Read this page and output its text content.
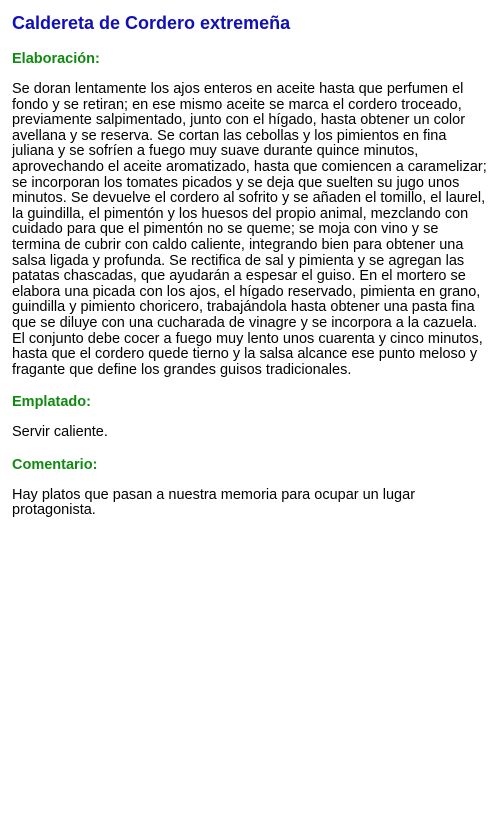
Caldereta de Cordero extremeña
Elaboración:

Se doran lentamente los ajos enteros en aceite hasta que perfumen el fondo y se retiran; en ese mismo aceite se marca el cordero troceado, previamente salpimentado, junto con el hígado, hasta obtener un color avellana y se reserva. Se cortan las cebollas y los pimientos en fina juliana y se sofríen a fuego muy suave durante quince minutos, aprovechando el aceite aromatizado, hasta que comiencen a caramelizar; se incorporan los tomates picados y se deja que suelten su jugo unos minutos. Se devuelve el cordero al sofrito y se añaden el tomillo, el laurel, la guindilla, el pimentón y los huesos del propio animal, mezclando con cuidado para que el pimentón no se queme; se moja con vino y se termina de cubrir con caldo caliente, integrando bien para obtener una salsa ligada y profunda. Se rectifica de sal y pimienta y se agregan las patatas chascadas, que ayudarán a espesar el guiso. En el mortero se elabora una picada con los ajos, el hígado reservado, pimienta en grano, guindilla y pimiento choricero, trabajándola hasta obtener una pasta fina que se diluye con una cucharada de vinagre y se incorpora a la cazuela. El conjunto debe cocer a fuego muy lento unos cuarenta y cinco minutos, hasta que el cordero quede tierno y la salsa alcance ese punto meloso y fragante que define los grandes guisos tradicionales.

Emplatado:

Servir caliente.

Comentario:

Hay platos que pasan a nuestra memoria para ocupar un lugar protagonista.
